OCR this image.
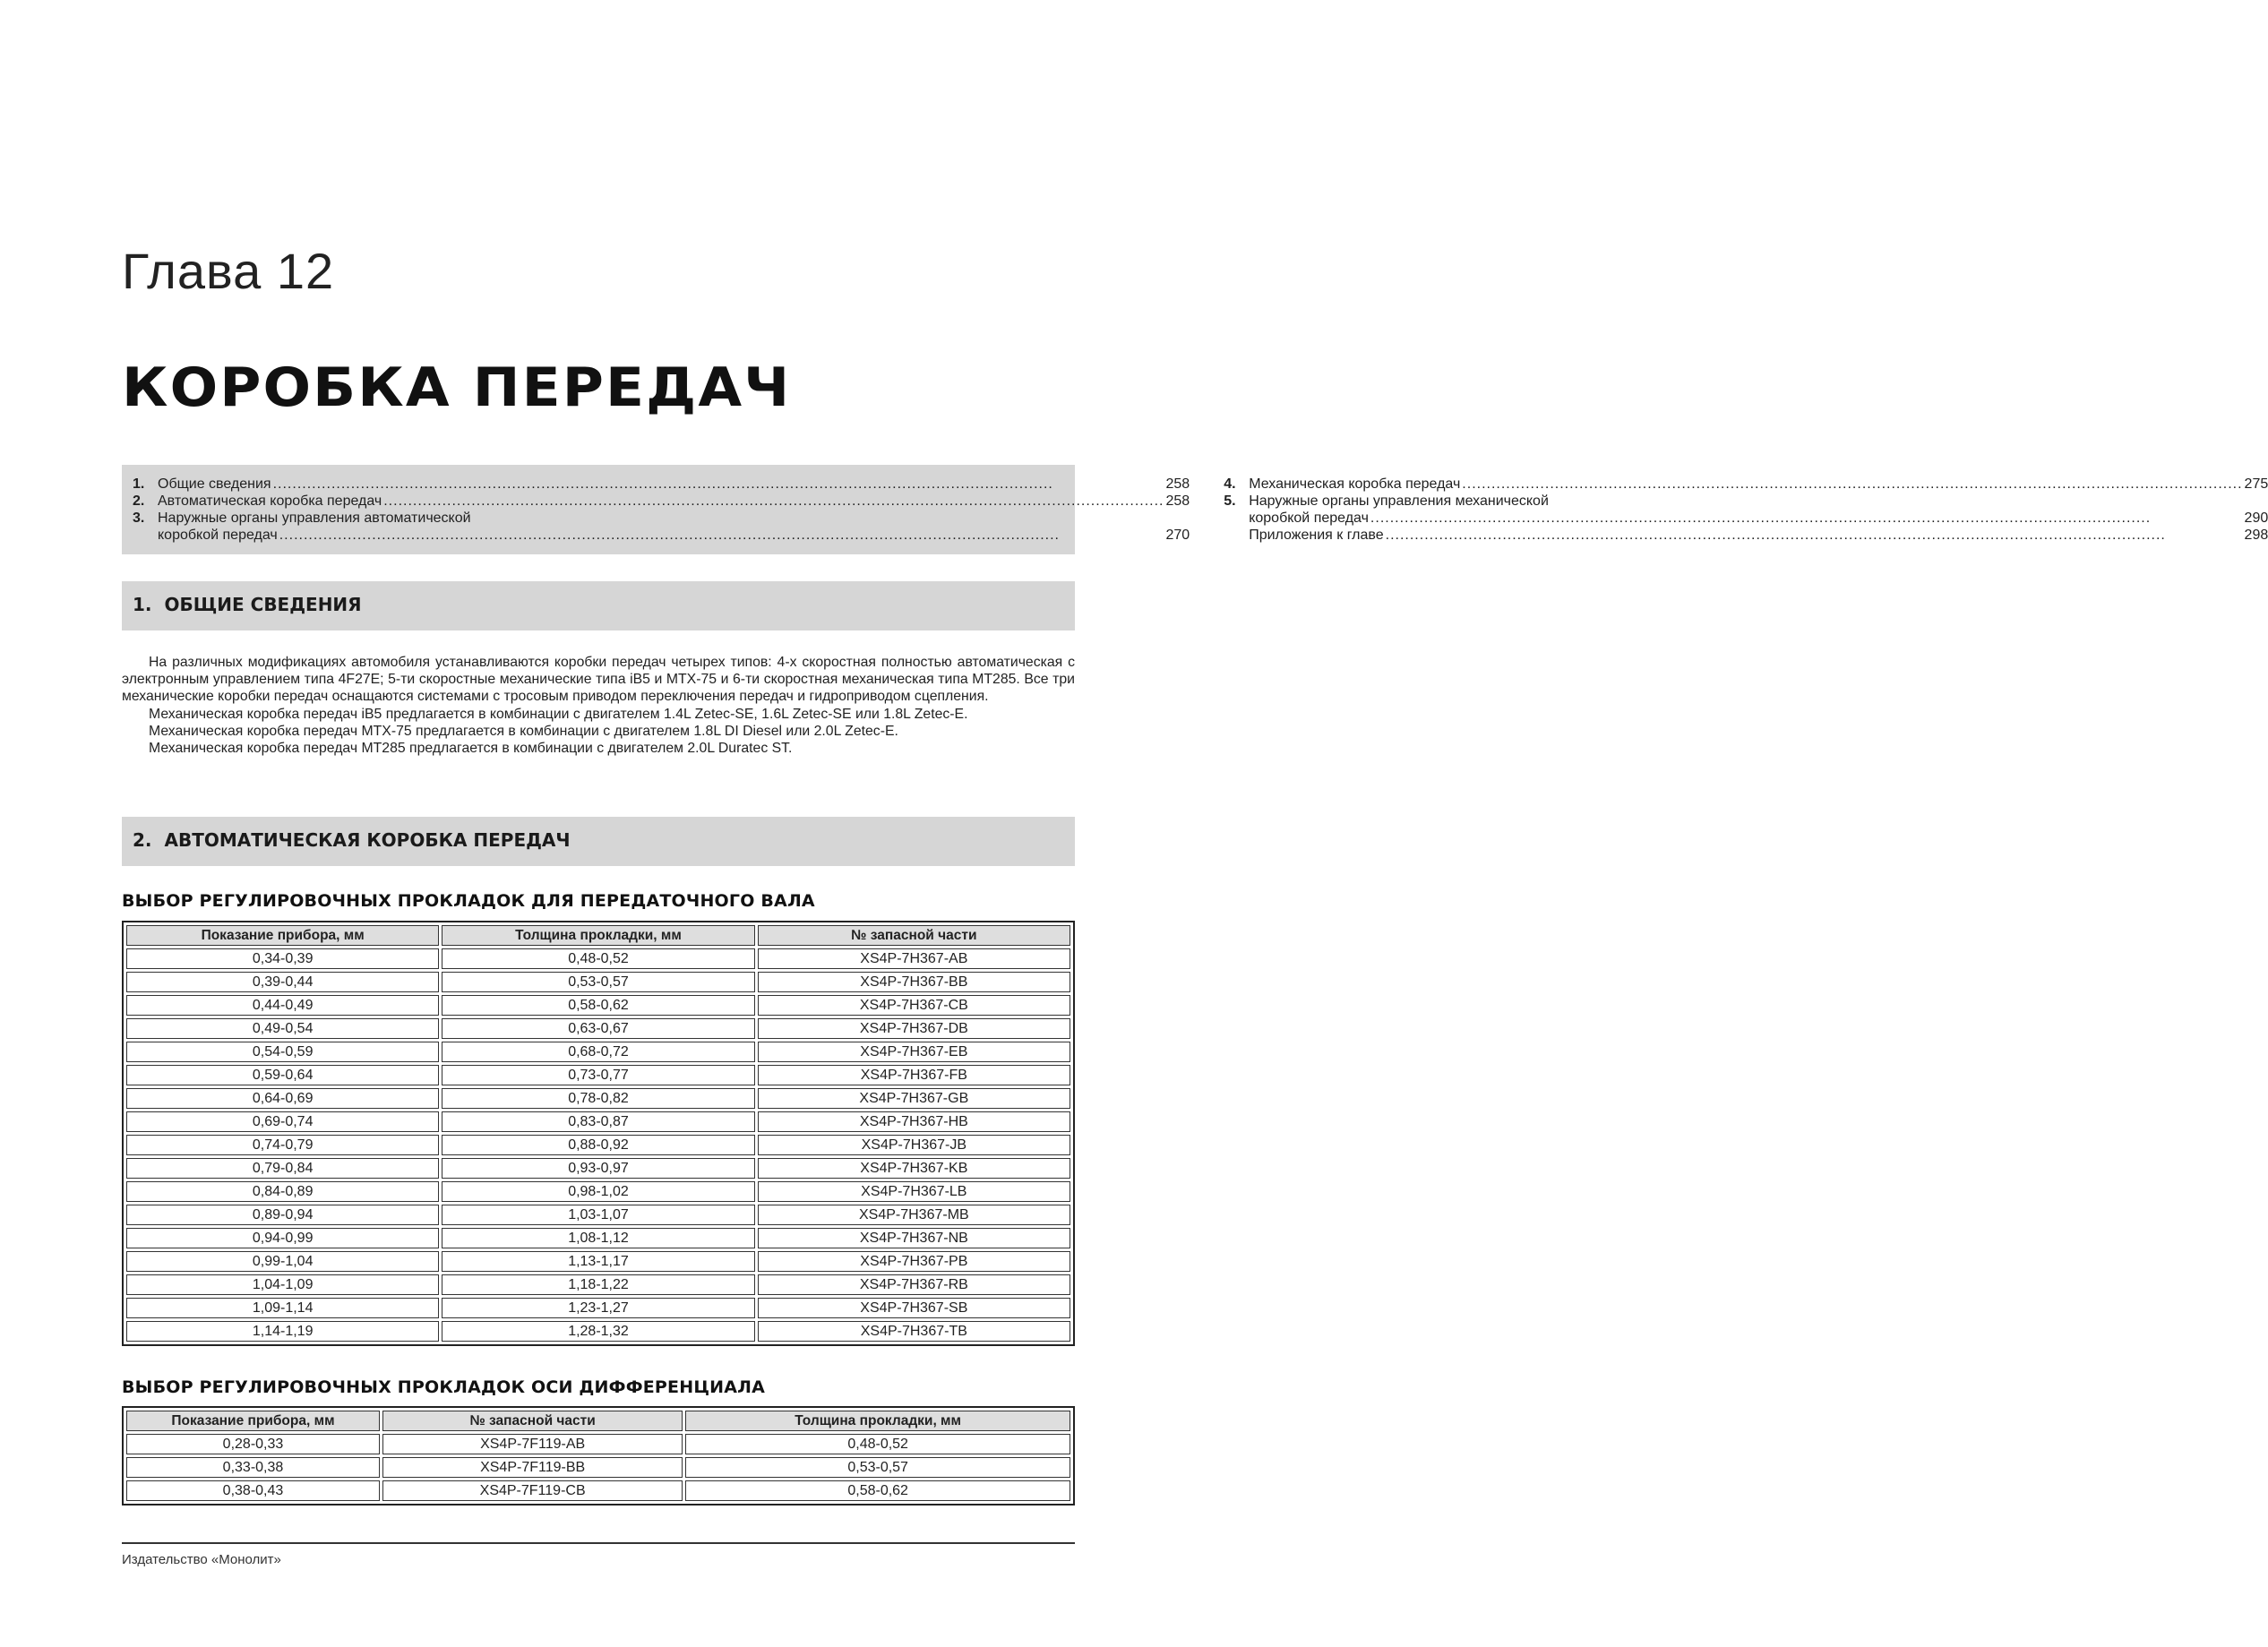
Глава 12
КОРОБКА ПЕРЕДАЧ
1. Общие сведения .....	258
2. Автоматическая коробка передач .....	258
3. Наружные органы управления автоматической
коробкой передач .....	270
4. Механическая коробка передач .....	275
5. Наружные органы управления механической
коробкой передач .....	290
Приложения к главе .....	298
1. ОБЩИЕ СВЕДЕНИЯ

На различных модификациях автомобиля устанавливаются коробки передач четырех типов: 4-х скоростная полностью автоматическая с электронным управлением типа 4F27E; 5-ти скоростные механические типа iB5 и MTX-75 и 6-ти скоростная механическая типа MT285. Все три механические коробки передач оснащаются системами с тросовым приводом переключения передач и гидроприводом сцепления.

Механическая коробка передач iB5 предлагается в комбинации с двигателем 1.4L Zetec-SE, 1.6L Zetec-SE или 1.8L Zetec-E.

Механическая коробка передач MTX-75 предлагается в комбинации с двигателем 1.8L DI Diesel или 2.0L Zetec-E.

Механическая коробка передач MT285 предлагается в комбинации с двигателем 2.0L Duratec ST.

2. АВТОМАТИЧЕСКАЯ КОРОБКА ПЕРЕДАЧ
ВЫБОР РЕГУЛИРОВОЧНЫХ ПРОКЛАДОК ДЛЯ ПЕРЕДАТОЧНОГО ВАЛА
Показание прибора, мм	Толщина прокладки, мм	№ запасной части
0,34-0,39	0,48-0,52	XS4P-7H367-AB
0,39-0,44	0,53-0,57	XS4P-7H367-BB
0,44-0,49	0,58-0,62	XS4P-7H367-CB
0,49-0,54	0,63-0,67	XS4P-7H367-DB
0,54-0,59	0,68-0,72	XS4P-7H367-EB
0,59-0,64	0,73-0,77	XS4P-7H367-FB
0,64-0,69	0,78-0,82	XS4P-7H367-GB
0,69-0,74	0,83-0,87	XS4P-7H367-HB
0,74-0,79	0,88-0,92	XS4P-7H367-JB
0,79-0,84	0,93-0,97	XS4P-7H367-KB
0,84-0,89	0,98-1,02	XS4P-7H367-LB
0,89-0,94	1,03-1,07	XS4P-7H367-MB
0,94-0,99	1,08-1,12	XS4P-7H367-NB
0,99-1,04	1,13-1,17	XS4P-7H367-PB
1,04-1,09	1,18-1,22	XS4P-7H367-RB
1,09-1,14	1,23-1,27	XS4P-7H367-SB
1,14-1,19	1,28-1,32	XS4P-7H367-TB
ВЫБОР РЕГУЛИРОВОЧНЫХ ПРОКЛАДОК ОСИ ДИФФЕРЕНЦИАЛА
Показание прибора, мм	№ запасной части	Толщина прокладки, мм
0,28-0,33	XS4P-7F119-AB	0,48-0,52
0,33-0,38	XS4P-7F119-BB	0,53-0,57
0,38-0,43	XS4P-7F119-CB	0,58-0,62
Издательство «Монолит»
